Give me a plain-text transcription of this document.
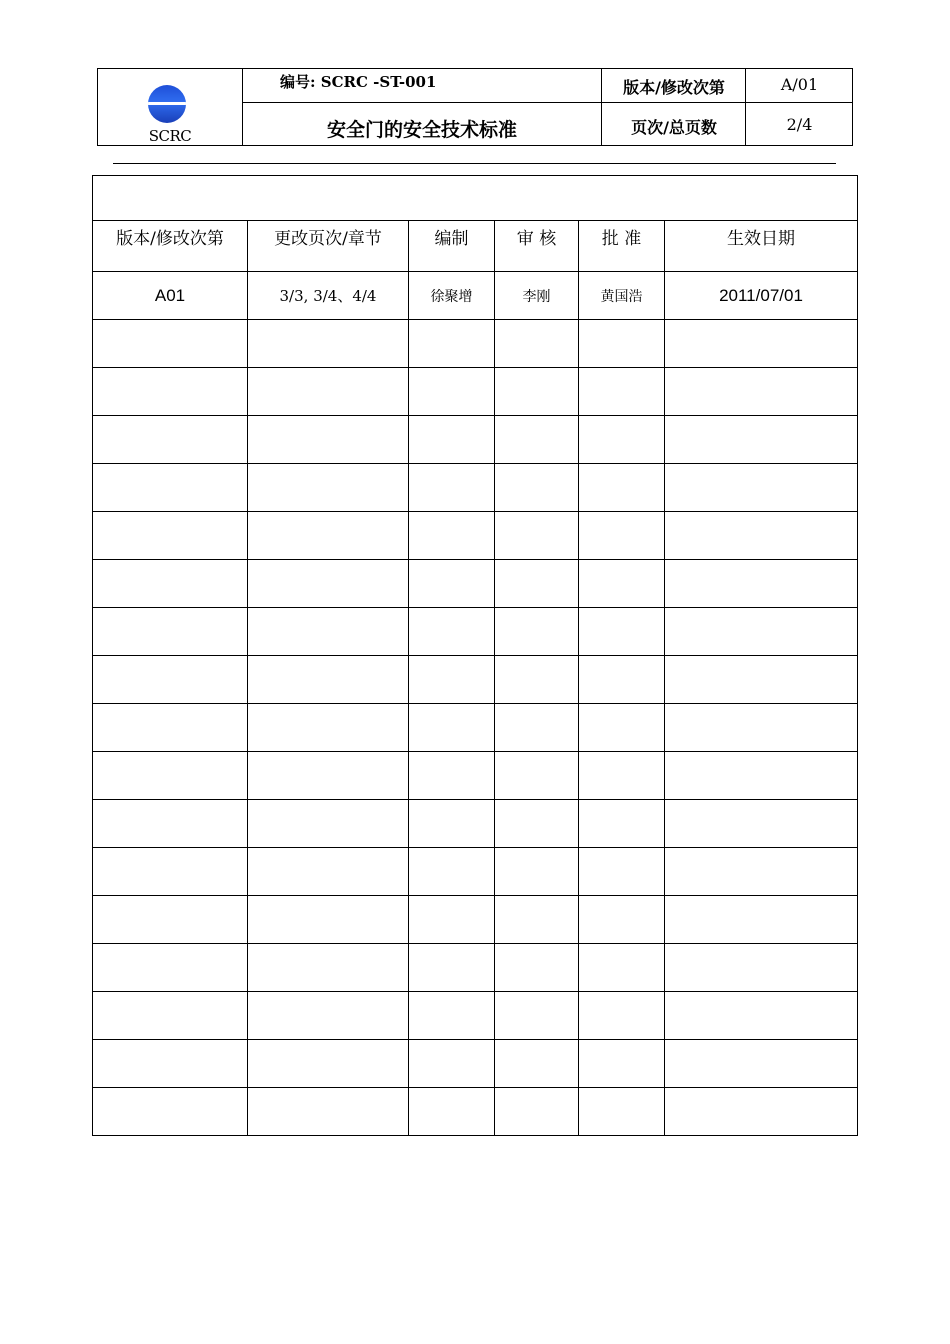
SCRC
编号: SCRC -ST-001
安全门的安全技术标准
版本/修改次第	A/01
页次/总页数	2/4

版本/修改次第	更改页次/章节	编制	审 核	批 准	生效日期
A01	3/3, 3/4、4/4	徐聚增	李刚	黄国浩	2011/07/01
